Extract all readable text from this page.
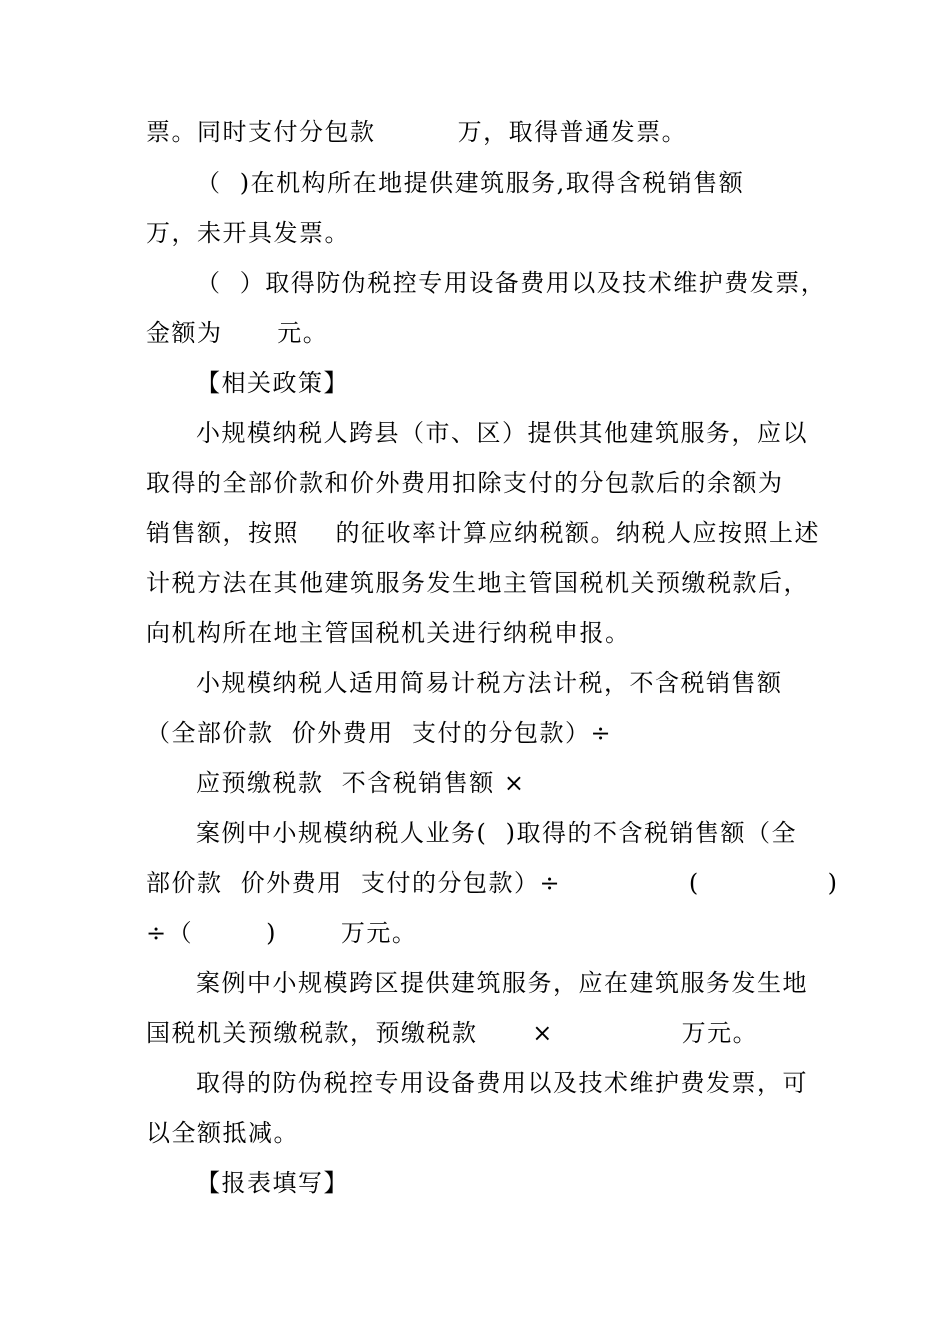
票。同时支付分包款         万，取得普通发票。
（  )在机构所在地提供建筑服务,取得含税销售额
万，未开具发票。
（  ）取得防伪税控专用设备费用以及技术维护费发票，
金额为      元。
【相关政策】
小规模纳税人跨县（市、区）提供其他建筑服务，应以
取得的全部价款和价外费用扣除支付的分包款后的余额为
销售额，按照    的征收率计算应纳税额。纳税人应按照上述
计税方法在其他建筑服务发生地主管国税机关预缴税款后，
向机构所在地主管国税机关进行纳税申报。
小规模纳税人适用简易计税方法计税，不含税销售额
（全部价款  价外费用  支付的分包款）÷
应预缴税款  不含税销售额 ×
案例中小规模纳税人业务(  )取得的不含税销售额（全
部价款  价外费用  支付的分包款）÷              (              )
÷（        )       万元。
案例中小规模跨区提供建筑服务，应在建筑服务发生地
国税机关预缴税款，预缴税款      ×              万元。
取得的防伪税控专用设备费用以及技术维护费发票，可
以全额抵减。
【报表填写】
